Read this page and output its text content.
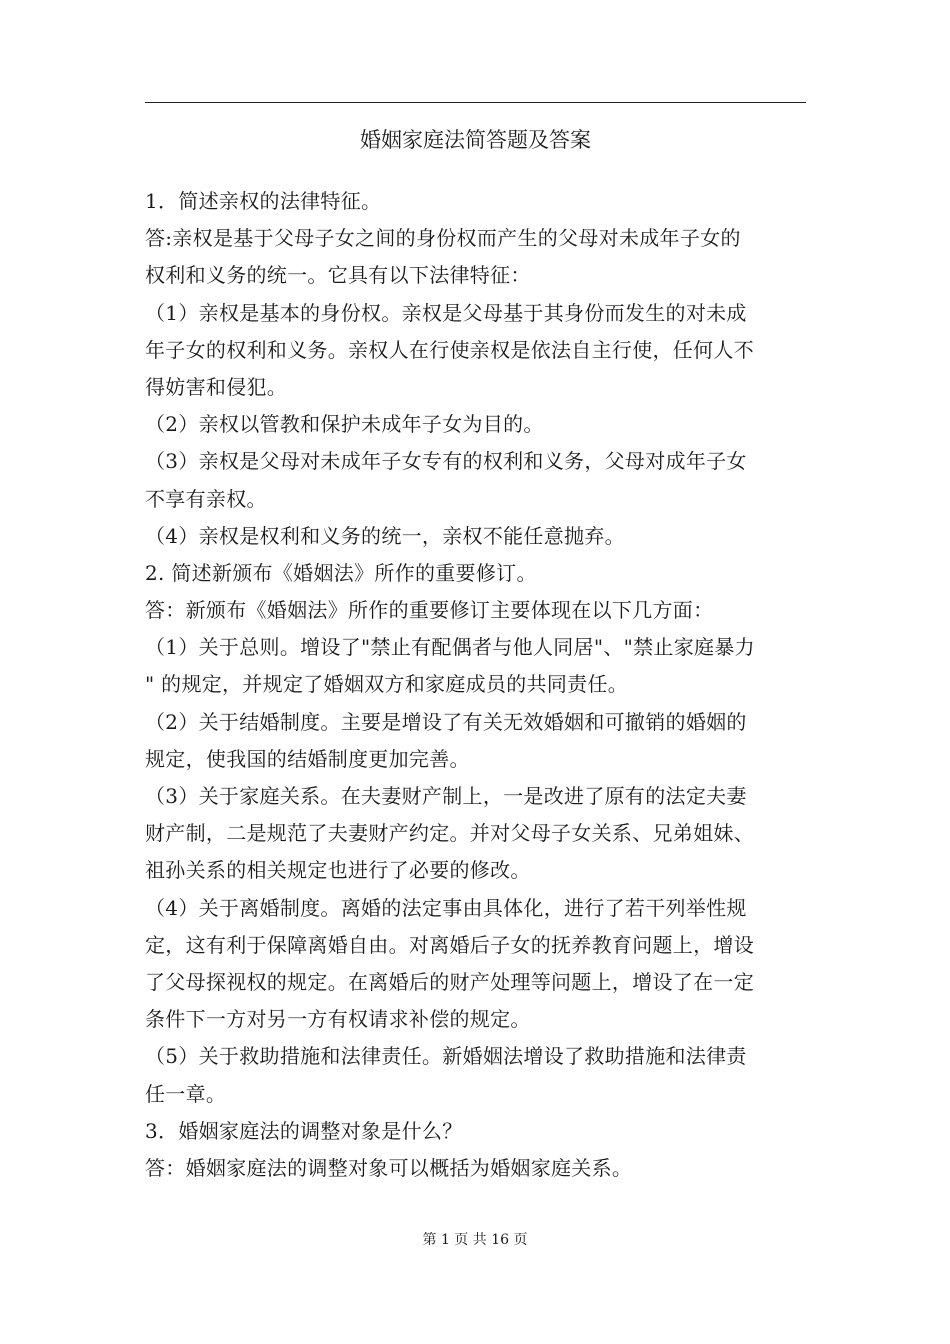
婚姻家庭法简答题及答案
1．简述亲权的法律特征。
答:亲权是基于父母子女之间的身份权而产生的父母对未成年子女的
权利和义务的统一。它具有以下法律特征：
（1）亲权是基本的身份权。亲权是父母基于其身份而发生的对未成
年子女的权利和义务。亲权人在行使亲权是依法自主行使，任何人不
得妨害和侵犯。
（2）亲权以管教和保护未成年子女为目的。
（3）亲权是父母对未成年子女专有的权利和义务，父母对成年子女
不享有亲权。
（4）亲权是权利和义务的统一，亲权不能任意抛弃。
2. 简述新颁布《婚姻法》所作的重要修订。
答：新颁布《婚姻法》所作的重要修订主要体现在以下几方面：
（1）关于总则。增设了"禁止有配偶者与他人同居"、"禁止家庭暴力
" 的规定，并规定了婚姻双方和家庭成员的共同责任。
（2）关于结婚制度。主要是增设了有关无效婚姻和可撤销的婚姻的
规定，使我国的结婚制度更加完善。
（3）关于家庭关系。在夫妻财产制上，一是改进了原有的法定夫妻
财产制，二是规范了夫妻财产约定。并对父母子女关系、兄弟姐妹、
祖孙关系的相关规定也进行了必要的修改。
（4）关于离婚制度。离婚的法定事由具体化，进行了若干列举性规
定，这有利于保障离婚自由。对离婚后子女的抚养教育问题上，增设
了父母探视权的规定。在离婚后的财产处理等问题上，增设了在一定
条件下一方对另一方有权请求补偿的规定。
（5）关于救助措施和法律责任。新婚姻法增设了救助措施和法律责
任一章。
3．婚姻家庭法的调整对象是什么？
答：婚姻家庭法的调整对象可以概括为婚姻家庭关系。
第 1 页 共 16 页
